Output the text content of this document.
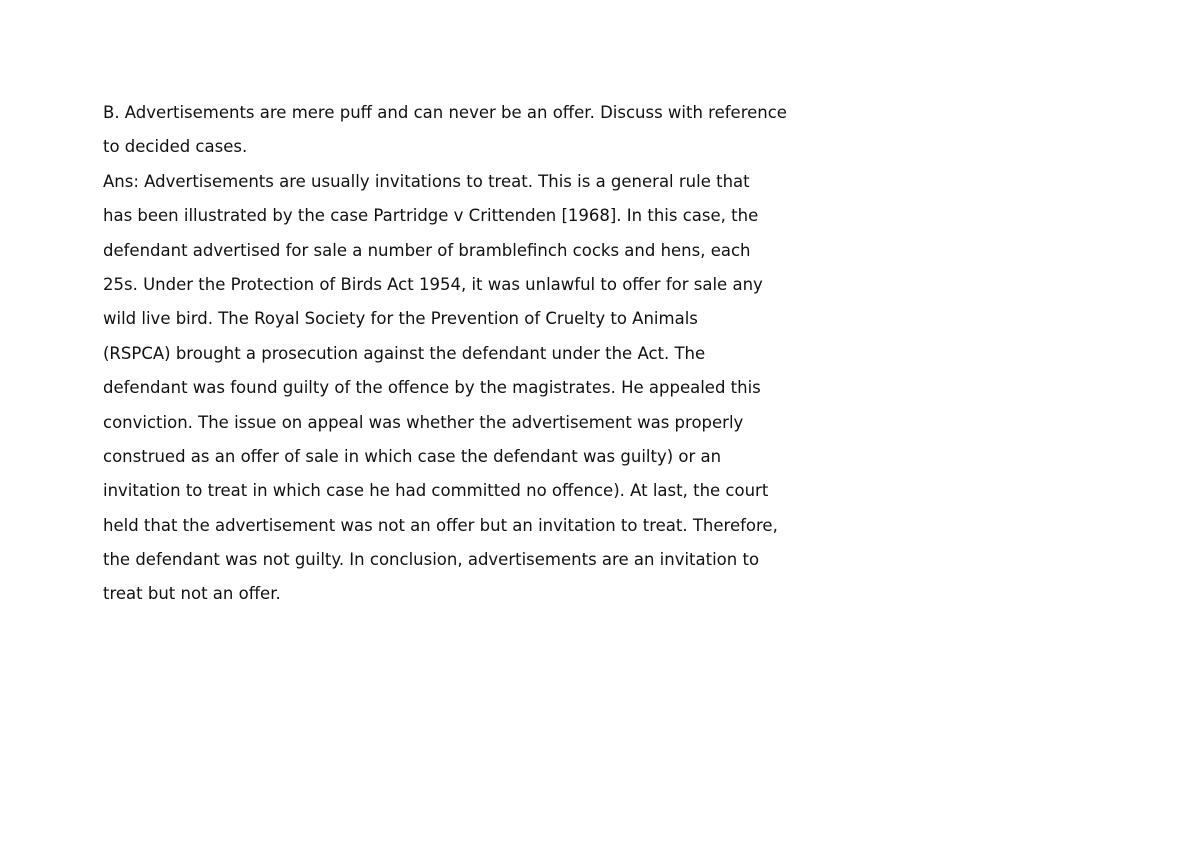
B. Advertisements are mere puff and can never be an offer. Discuss with reference
to decided cases.
Ans: Advertisements are usually invitations to treat. This is a general rule that
has been illustrated by the case Partridge v Crittenden [1968]. In this case, the
defendant advertised for sale a number of bramblefinch cocks and hens, each
25s. Under the Protection of Birds Act 1954, it was unlawful to offer for sale any
wild live bird. The Royal Society for the Prevention of Cruelty to Animals
(RSPCA) brought a prosecution against the defendant under the Act. The
defendant was found guilty of the offence by the magistrates. He appealed this
conviction. The issue on appeal was whether the advertisement was properly
construed as an offer of sale in which case the defendant was guilty) or an
invitation to treat in which case he had committed no offence). At last, the court
held that the advertisement was not an offer but an invitation to treat. Therefore,
the defendant was not guilty. In conclusion, advertisements are an invitation to
treat but not an offer.
